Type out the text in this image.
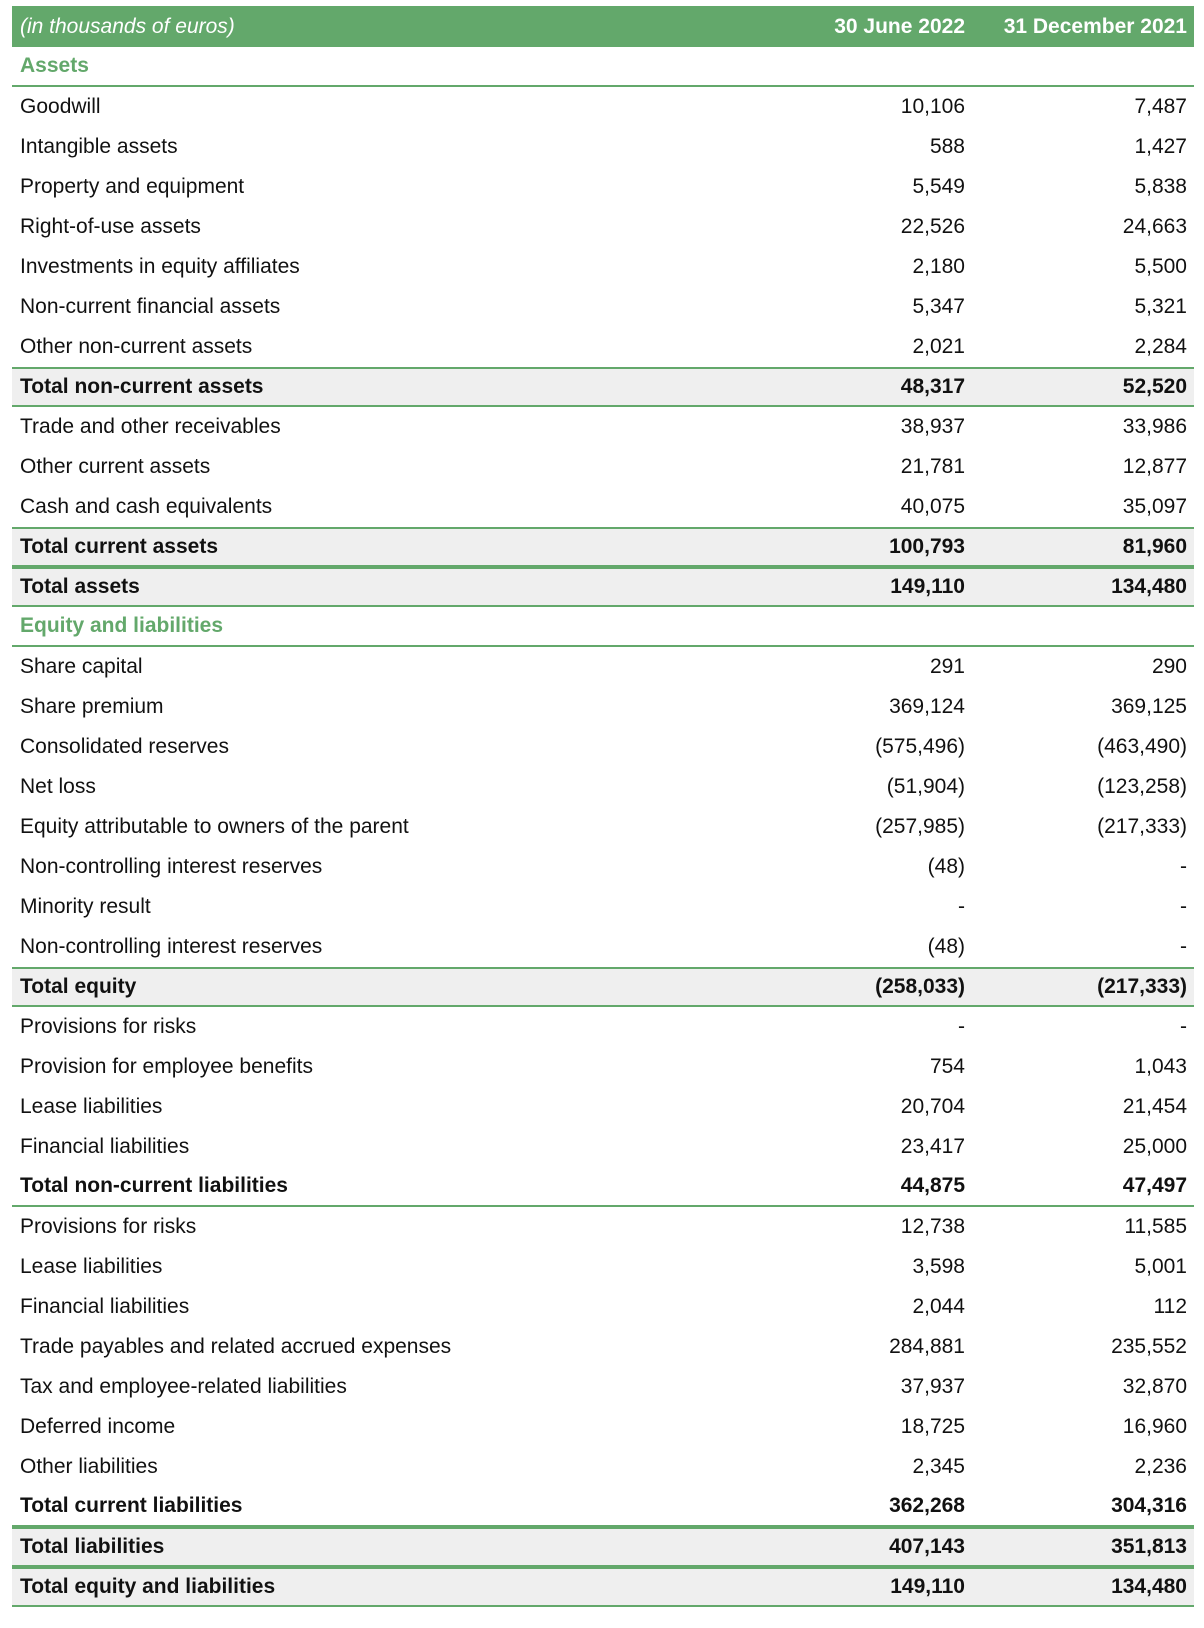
(in thousands of euros)	30 June 2022	31 December 2021
Assets
Goodwill	10,106	7,487
Intangible assets	588	1,427
Property and equipment	5,549	5,838
Right-of-use assets	22,526	24,663
Investments in equity affiliates	2,180	5,500
Non-current financial assets	5,347	5,321
Other non-current assets	2,021	2,284
Total non-current assets	48,317	52,520
Trade and other receivables	38,937	33,986
Other current assets	21,781	12,877
Cash and cash equivalents	40,075	35,097
Total current assets	100,793	81,960
Total assets	149,110	134,480
Equity and liabilities
Share capital	291	290
Share premium	369,124	369,125
Consolidated reserves	(575,496)	(463,490)
Net loss	(51,904)	(123,258)
Equity attributable to owners of the parent	(257,985)	(217,333)
Non-controlling interest reserves	(48)	-
Minority result	-	-
Non-controlling interest reserves	(48)	-
Total equity	(258,033)	(217,333)
Provisions for risks	-	-
Provision for employee benefits	754	1,043
Lease liabilities	20,704	21,454
Financial liabilities	23,417	25,000
Total non-current liabilities	44,875	47,497
Provisions for risks	12,738	11,585
Lease liabilities	3,598	5,001
Financial liabilities	2,044	112
Trade payables and related accrued expenses	284,881	235,552
Tax and employee-related liabilities	37,937	32,870
Deferred income	18,725	16,960
Other liabilities	2,345	2,236
Total current liabilities	362,268	304,316
Total liabilities	407,143	351,813
Total equity and liabilities	149,110	134,480
